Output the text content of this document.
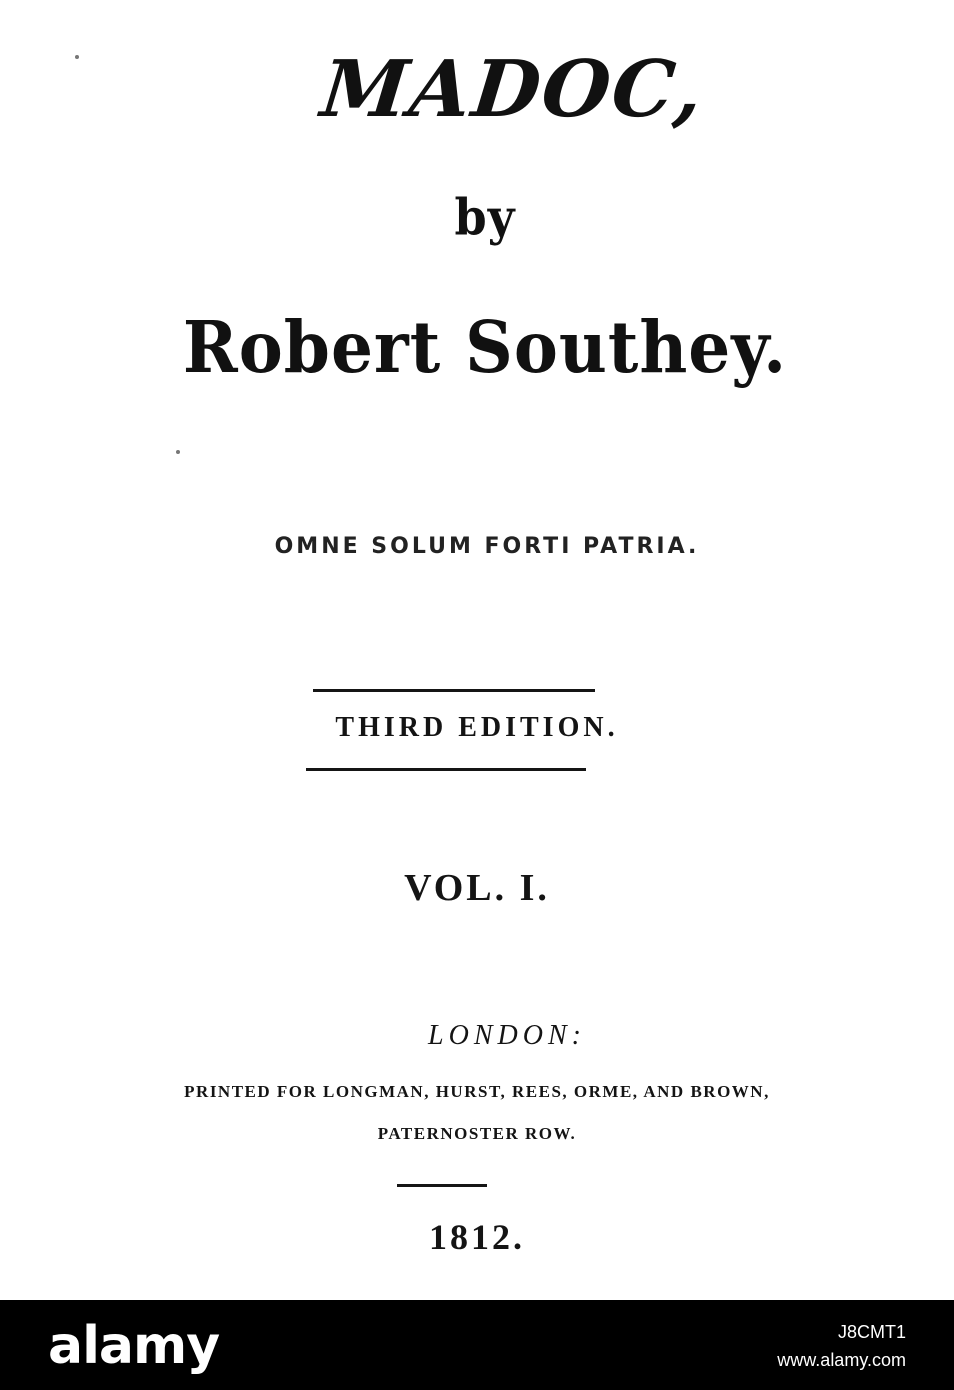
MADOC,
by
Robert Southey.
OMNE SOLUM FORTI PATRIA.
THIRD EDITION.
VOL. I.
LONDON:
PRINTED FOR LONGMAN, HURST, REES, ORME, AND BROWN,
PATERNOSTER ROW.
1812.
alamy	J8CMT1
www.alamy.com
